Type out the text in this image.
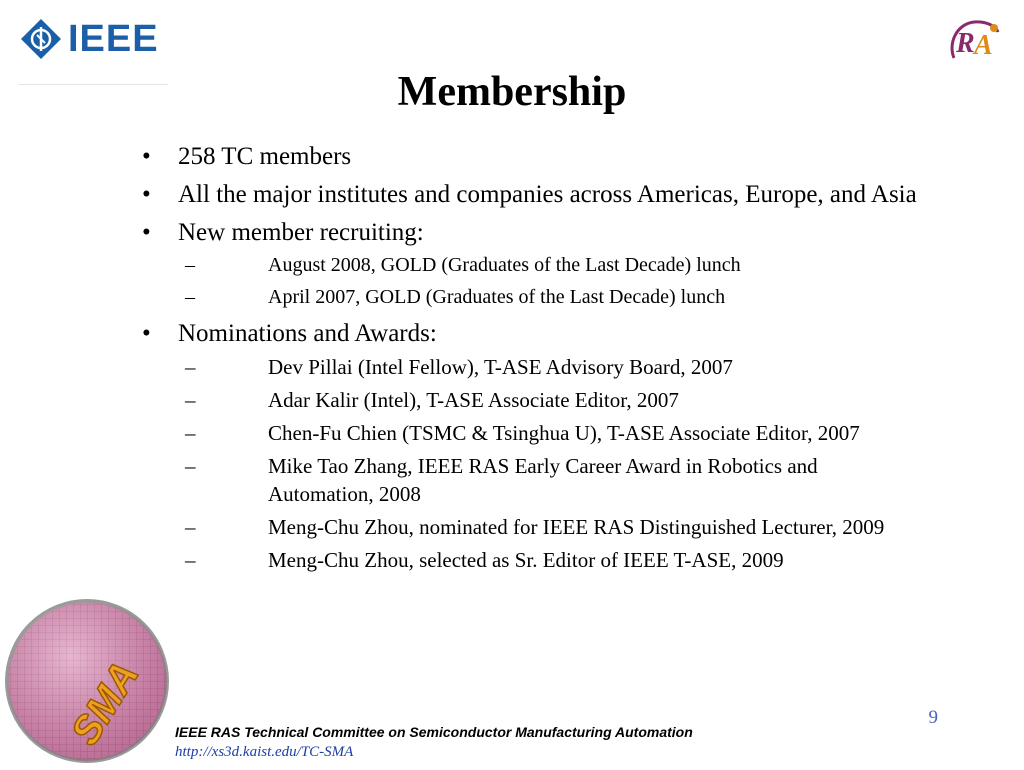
IEEE	R A
Membership
• 258 TC members
• All the major institutes and companies across Americas, Europe, and Asia
• New member recruiting:
–	August 2008, GOLD (Graduates of the Last Decade) lunch
–	April 2007, GOLD (Graduates of the Last Decade) lunch
• Nominations and Awards:
–	Dev Pillai (Intel Fellow), T-ASE Advisory Board, 2007
–	Adar Kalir (Intel), T-ASE Associate Editor, 2007
–	Chen-Fu Chien (TSMC & Tsinghua U), T-ASE Associate Editor, 2007
–	Mike Tao Zhang, IEEE RAS Early Career Award in Robotics and Automation, 2008
–	Meng-Chu Zhou, nominated for IEEE RAS Distinguished Lecturer, 2009
–	Meng-Chu Zhou, selected as Sr. Editor of IEEE T-ASE, 2009
SMA IEEE RAS Technical Committee on Semiconductor Manufacturing Automation
http://xs3d.kaist.edu/TC-SMA
9
